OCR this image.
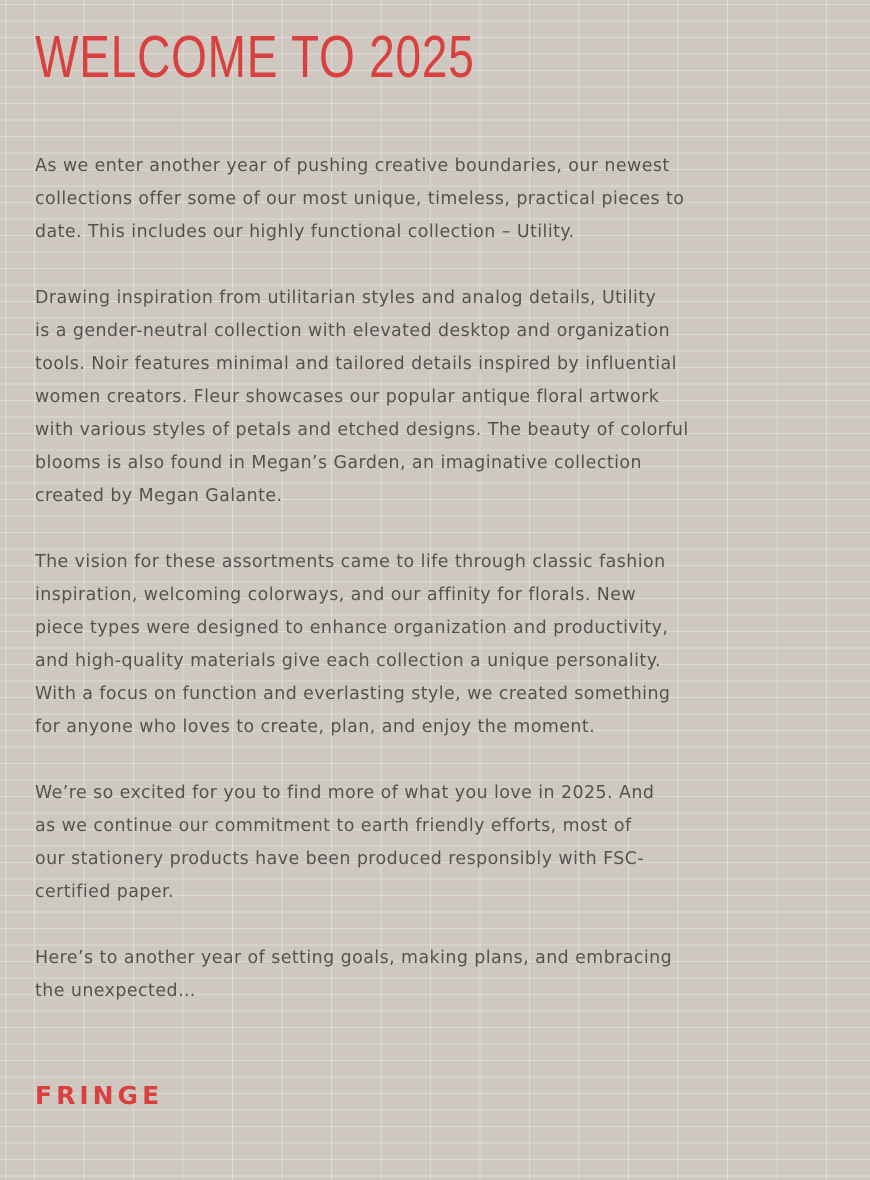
WELCOME TO 2025

As we enter another year of pushing creative boundaries, our newest
collections offer some of our most unique, timeless, practical pieces to
date. This includes our highly functional collection – Utility.

Drawing inspiration from utilitarian styles and analog details, Utility
is a gender-neutral collection with elevated desktop and organization
tools. Noir features minimal and tailored details inspired by influential
women creators. Fleur showcases our popular antique floral artwork
with various styles of petals and etched designs. The beauty of colorful
blooms is also found in Megan’s Garden, an imaginative collection
created by Megan Galante.

The vision for these assortments came to life through classic fashion
inspiration, welcoming colorways, and our affinity for florals. New
piece types were designed to enhance organization and productivity,
and high-quality materials give each collection a unique personality.
With a focus on function and everlasting style, we created something
for anyone who loves to create, plan, and enjoy the moment.

We’re so excited for you to find more of what you love in 2025. And
as we continue our commitment to earth friendly efforts, most of
our stationery products have been produced responsibly with FSC-
certified paper.

Here’s to another year of setting goals, making plans, and embracing
the unexpected…

FRINGE
